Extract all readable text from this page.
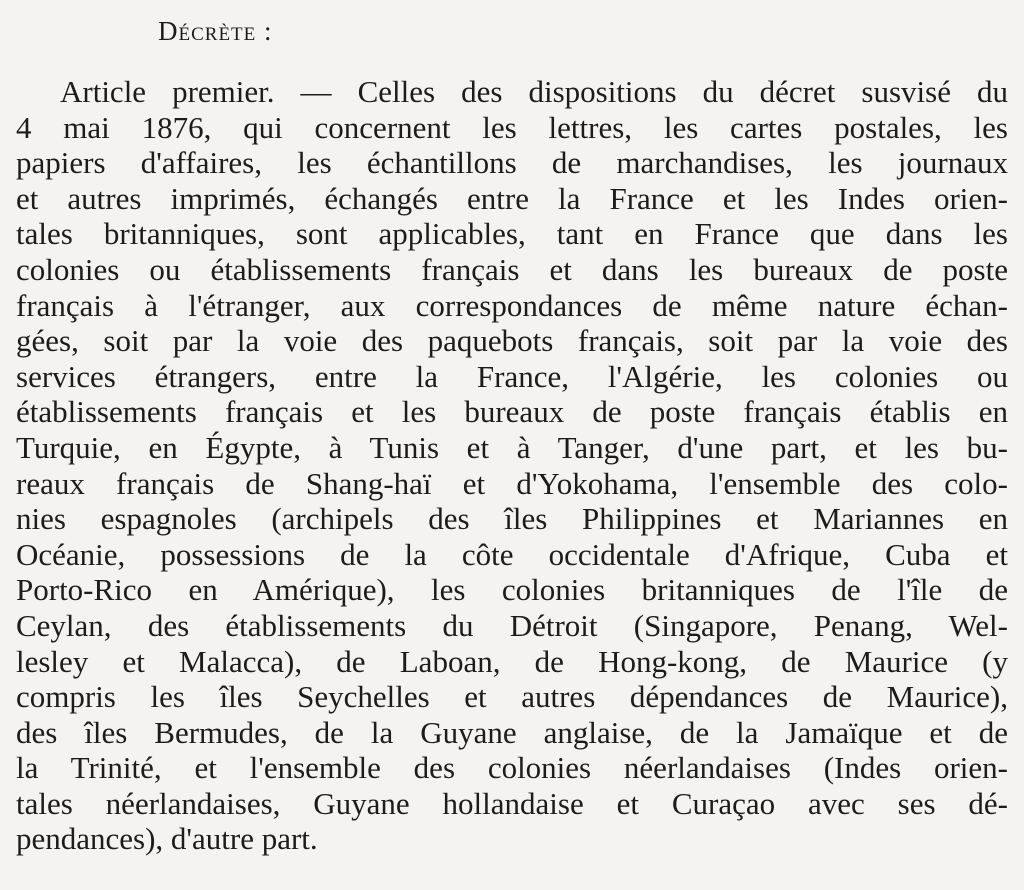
Décrète :
Article premier. — Celles des dispositions du décret susvisé du
4 mai 1876, qui concernent les lettres, les cartes postales, les
papiers d'affaires, les échantillons de marchandises, les journaux
et autres imprimés, échangés entre la France et les Indes orien-
tales britanniques, sont applicables, tant en France que dans les
colonies ou établissements français et dans les bureaux de poste
français à l'étranger, aux correspondances de même nature échan-
gées, soit par la voie des paquebots français, soit par la voie des
services étrangers, entre la France, l'Algérie, les colonies ou
établissements français et les bureaux de poste français établis en
Turquie, en Égypte, à Tunis et à Tanger, d'une part, et les bu-
reaux français de Shang-haï et d'Yokohama, l'ensemble des colo-
nies espagnoles (archipels des îles Philippines et Mariannes en
Océanie, possessions de la côte occidentale d'Afrique, Cuba et
Porto-Rico en Amérique), les colonies britanniques de l'île de
Ceylan, des établissements du Détroit (Singapore, Penang, Wel-
lesley et Malacca), de Laboan, de Hong-kong, de Maurice (y
compris les îles Seychelles et autres dépendances de Maurice),
des îles Bermudes, de la Guyane anglaise, de la Jamaïque et de
la Trinité, et l'ensemble des colonies néerlandaises (Indes orien-
tales néerlandaises, Guyane hollandaise et Curaçao avec ses dé-
pendances), d'autre part.
